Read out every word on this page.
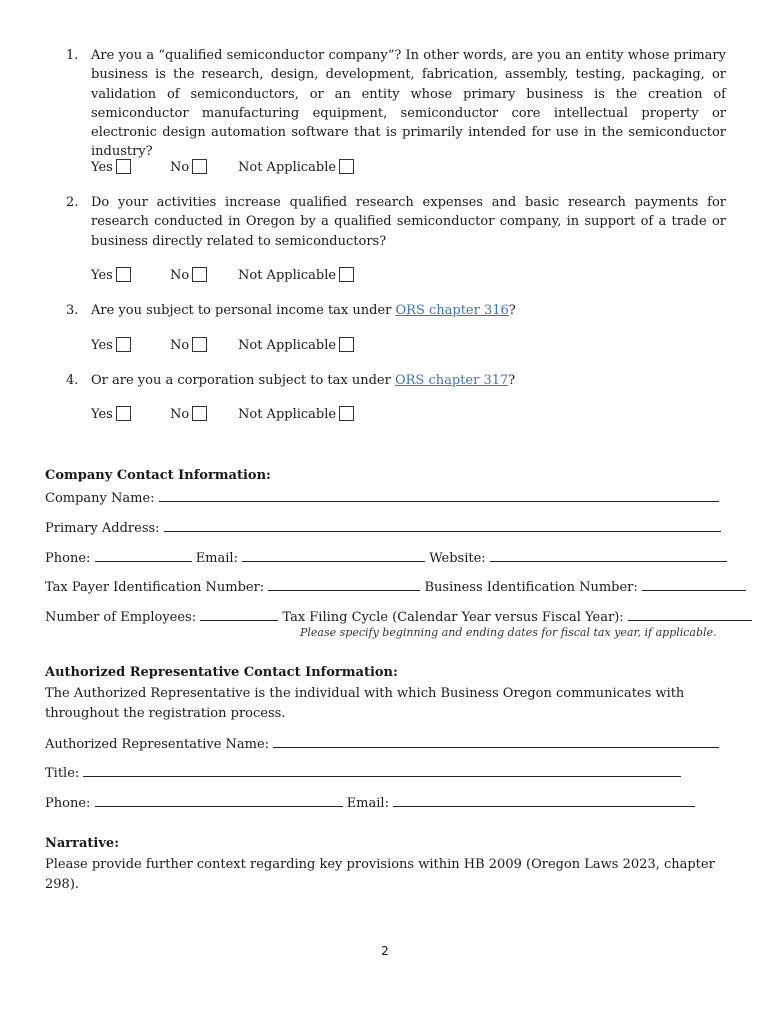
1. Are you a “qualified semiconductor company”? In other words, are you an entity whose primary business is the research, design, development, fabrication, assembly, testing, packaging, or validation of semiconductors, or an entity whose primary business is the creation of semiconductor manufacturing equipment, semiconductor core intellectual property or electronic design automation software that is primarily intended for use in the semiconductor industry?
Yes	No	Not Applicable
2. Do your activities increase qualified research expenses and basic research payments for research conducted in Oregon by a qualified semiconductor company, in support of a trade or business directly related to semiconductors?
Yes	No	Not Applicable
3. Are you subject to personal income tax under ORS chapter 316?
Yes	No	Not Applicable
4. Or are you a corporation subject to tax under ORS chapter 317?
Yes	No	Not Applicable
Company Contact Information:
Company Name:
Primary Address:
Phone:	Email:	Website:
Tax Payer Identification Number:	Business Identification Number:
Number of Employees:	Tax Filing Cycle (Calendar Year versus Fiscal Year):
Please specify beginning and ending dates for fiscal tax year, if applicable.
Authorized Representative Contact Information:
The Authorized Representative is the individual with which Business Oregon communicates with throughout the registration process.
Authorized Representative Name:
Title:
Phone:	Email:
Narrative:
Please provide further context regarding key provisions within HB 2009 (Oregon Laws 2023, chapter 298).
2
